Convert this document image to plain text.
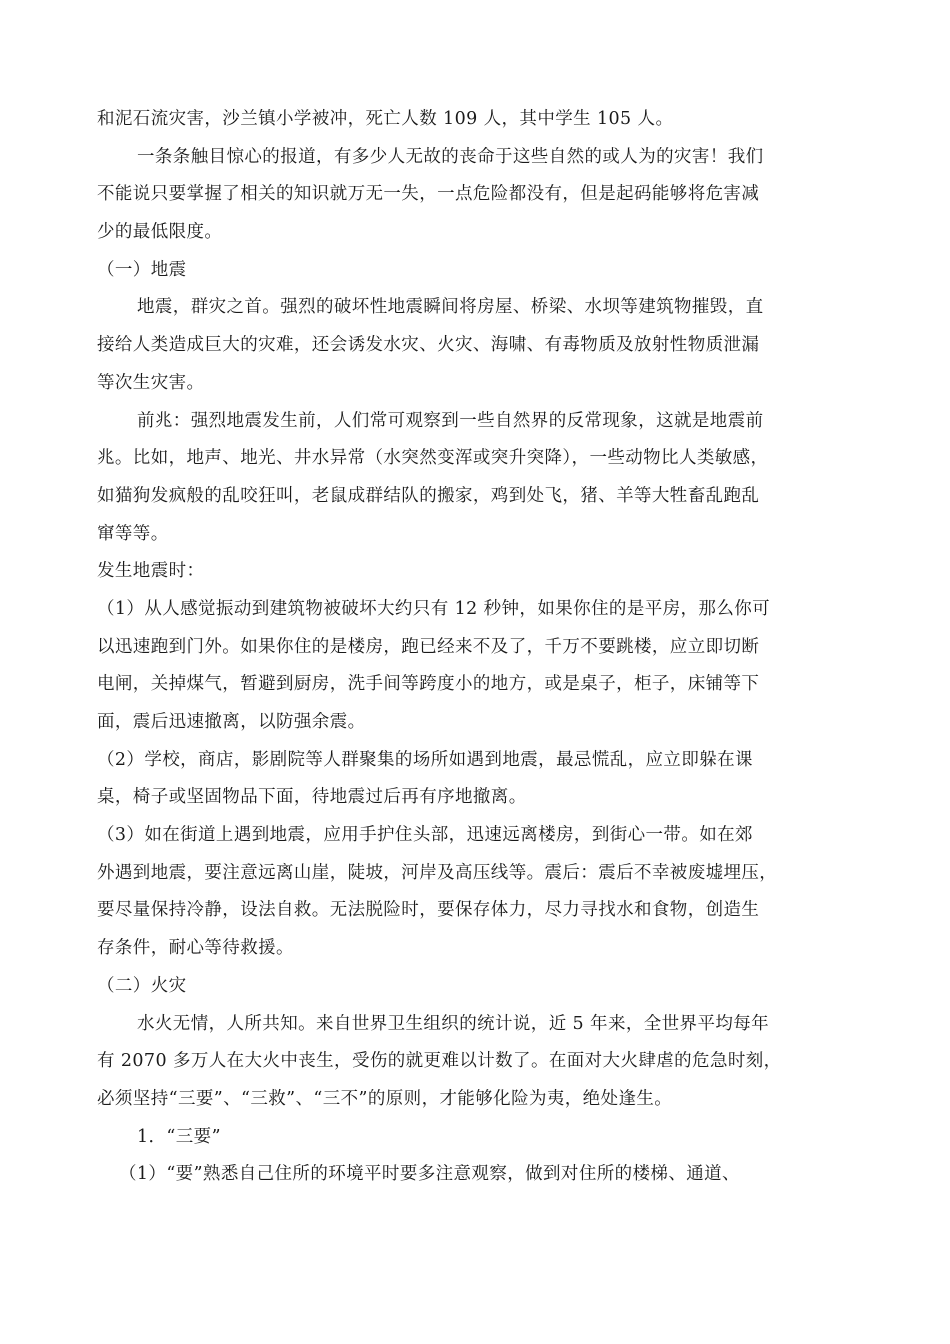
和泥石流灾害，沙兰镇小学被冲，死亡人数 109 人，其中学生 105 人。
一条条触目惊心的报道，有多少人无故的丧命于这些自然的或人为的灾害！我们
不能说只要掌握了相关的知识就万无一失，一点危险都没有，但是起码能够将危害减
少的最低限度。
（一）地震
地震，群灾之首。强烈的破坏性地震瞬间将房屋、桥梁、水坝等建筑物摧毁，直
接给人类造成巨大的灾难，还会诱发水灾、火灾、海啸、有毒物质及放射性物质泄漏
等次生灾害。
前兆：强烈地震发生前，人们常可观察到一些自然界的反常现象，这就是地震前
兆。比如，地声、地光、井水异常（水突然变浑或突升突降），一些动物比人类敏感，
如猫狗发疯般的乱咬狂叫，老鼠成群结队的搬家，鸡到处飞，猪、羊等大牲畜乱跑乱
窜等等。
发生地震时：
（1）从人感觉振动到建筑物被破坏大约只有 12 秒钟，如果你住的是平房，那么你可
以迅速跑到门外。如果你住的是楼房，跑已经来不及了，千万不要跳楼，应立即切断
电闸，关掉煤气，暂避到厨房，洗手间等跨度小的地方，或是桌子，柜子，床铺等下
面，震后迅速撤离，以防强余震。
（2）学校，商店，影剧院等人群聚集的场所如遇到地震，最忌慌乱，应立即躲在课
桌，椅子或坚固物品下面，待地震过后再有序地撤离。
（3）如在街道上遇到地震，应用手护住头部，迅速远离楼房，到街心一带。如在郊
外遇到地震，要注意远离山崖，陡坡，河岸及高压线等。震后：震后不幸被废墟埋压，
要尽量保持冷静，设法自救。无法脱险时，要保存体力，尽力寻找水和食物，创造生
存条件，耐心等待救援。
（二）火灾
水火无情，人所共知。来自世界卫生组织的统计说，近 5 年来，全世界平均每年
有 2070 多万人在大火中丧生，受伤的就更难以计数了。在面对大火肆虐的危急时刻，
必须坚持“三要”、“三救”、“三不”的原则，才能够化险为夷，绝处逢生。
1．“三要”
（1）“要”熟悉自己住所的环境平时要多注意观察，做到对住所的楼梯、通道、
